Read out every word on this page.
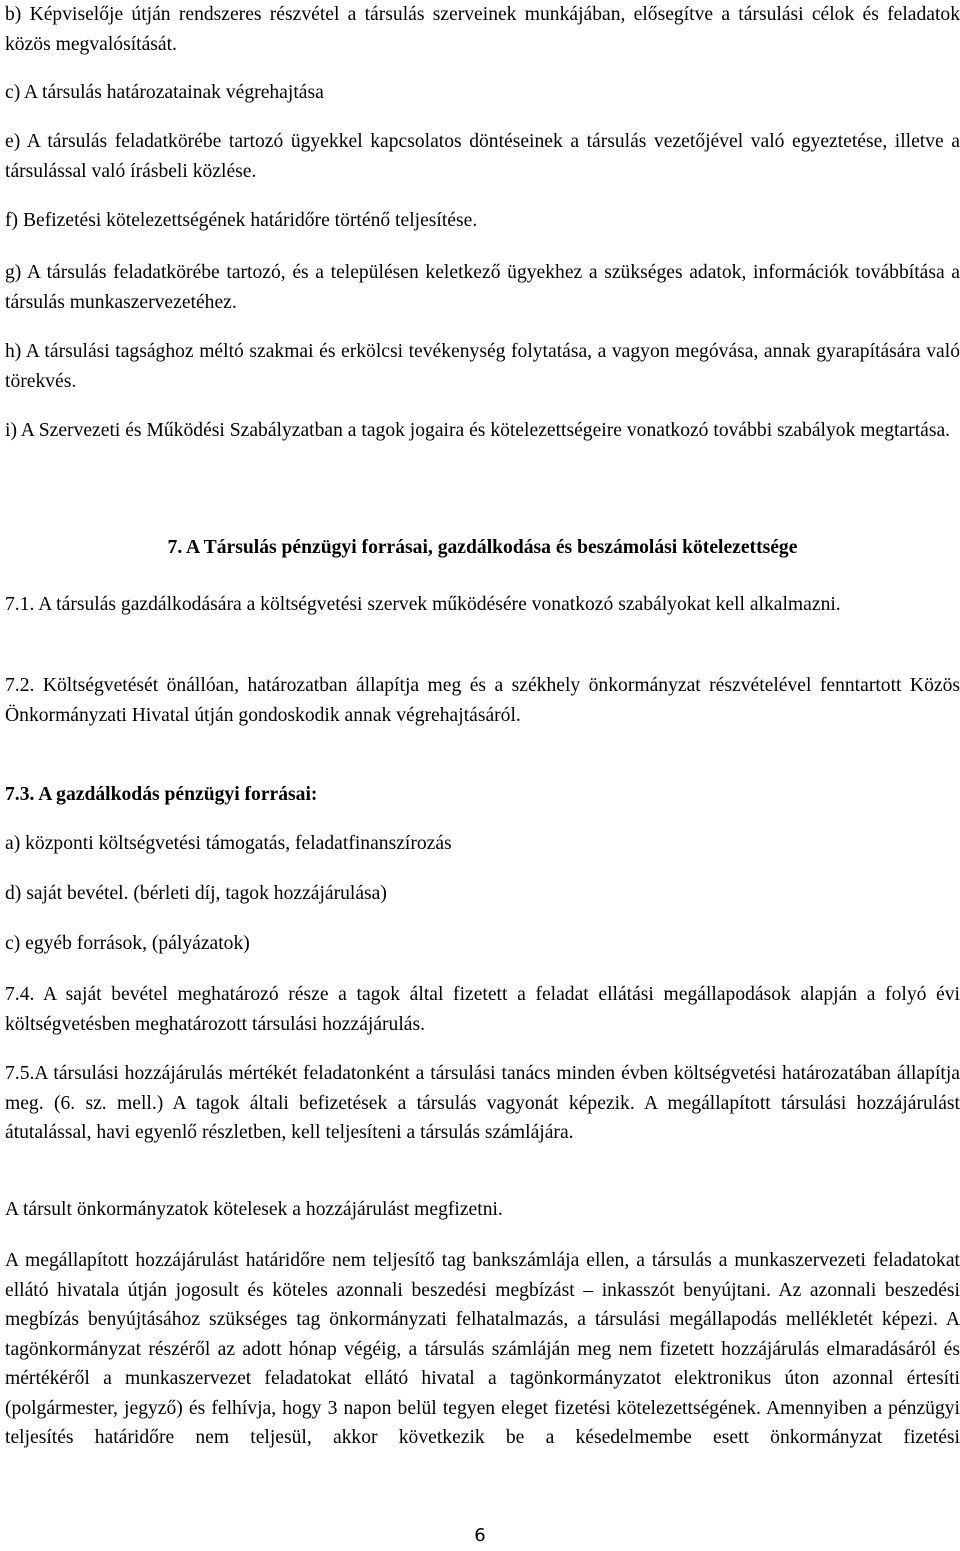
b) Képviselője útján rendszeres részvétel a társulás szerveinek munkájában, elősegítve a társulási célok és feladatok közös megvalósítását.

c) A társulás határozatainak végrehajtása

e) A társulás feladatkörébe tartozó ügyekkel kapcsolatos döntéseinek a társulás vezetőjével való egyeztetése, illetve a társulással való írásbeli közlése.

f) Befizetési kötelezettségének határidőre történő teljesítése.

g) A társulás feladatkörébe tartozó, és a településen keletkező ügyekhez a szükséges adatok, információk továbbítása a társulás munkaszervezetéhez.

h) A társulási tagsághoz méltó szakmai és erkölcsi tevékenység folytatása, a vagyon megóvása, annak gyarapítására való törekvés.

i) A Szervezeti és Működési Szabályzatban a tagok jogaira és kötelezettségeire vonatkozó további szabályok megtartása.

7. A Társulás pénzügyi forrásai, gazdálkodása és beszámolási kötelezettsége

7.1. A társulás gazdálkodására a költségvetési szervek működésére vonatkozó szabályokat kell alkalmazni.

7.2. Költségvetését önállóan, határozatban állapítja meg és a székhely önkormányzat részvételével fenntartott Közös Önkormányzati Hivatal útján gondoskodik annak végrehajtásáról.

7.3. A gazdálkodás pénzügyi forrásai:

a) központi költségvetési támogatás, feladatfinanszírozás

d) saját bevétel. (bérleti díj, tagok hozzájárulása)

c) egyéb források, (pályázatok)

7.4. A saját bevétel meghatározó része a tagok által fizetett a feladat ellátási megállapodások alapján a folyó évi költségvetésben meghatározott társulási hozzájárulás.

7.5.A társulási hozzájárulás mértékét feladatonként a társulási tanács minden évben költségvetési határozatában állapítja meg. (6. sz. mell.) A tagok általi befizetések a társulás vagyonát képezik. A megállapított társulási hozzájárulást átutalással, havi egyenlő részletben, kell teljesíteni a társulás számlájára.

A társult önkormányzatok kötelesek a hozzájárulást megfizetni.

A megállapított hozzájárulást határidőre nem teljesítő tag bankszámlája ellen, a társulás a munkaszervezeti feladatokat ellátó hivatala útján jogosult és köteles azonnali beszedési megbízást – inkasszót benyújtani. Az azonnali beszedési megbízás benyújtásához szükséges tag önkormányzati felhatalmazás, a társulási megállapodás mellékletét képezi. A tagönkormányzat részéről az adott hónap végéig, a társulás számláján meg nem fizetett hozzájárulás elmaradásáról és mértékéről a munkaszervezet feladatokat ellátó hivatal a tagönkormányzatot elektronikus úton azonnal értesíti (polgármester, jegyző) és felhívja, hogy 3 napon belül tegyen eleget fizetési kötelezettségének. Amennyiben a pénzügyi teljesítés határidőre nem teljesül, akkor következik be a késedelmembe esett önkormányzat fizetési

6
